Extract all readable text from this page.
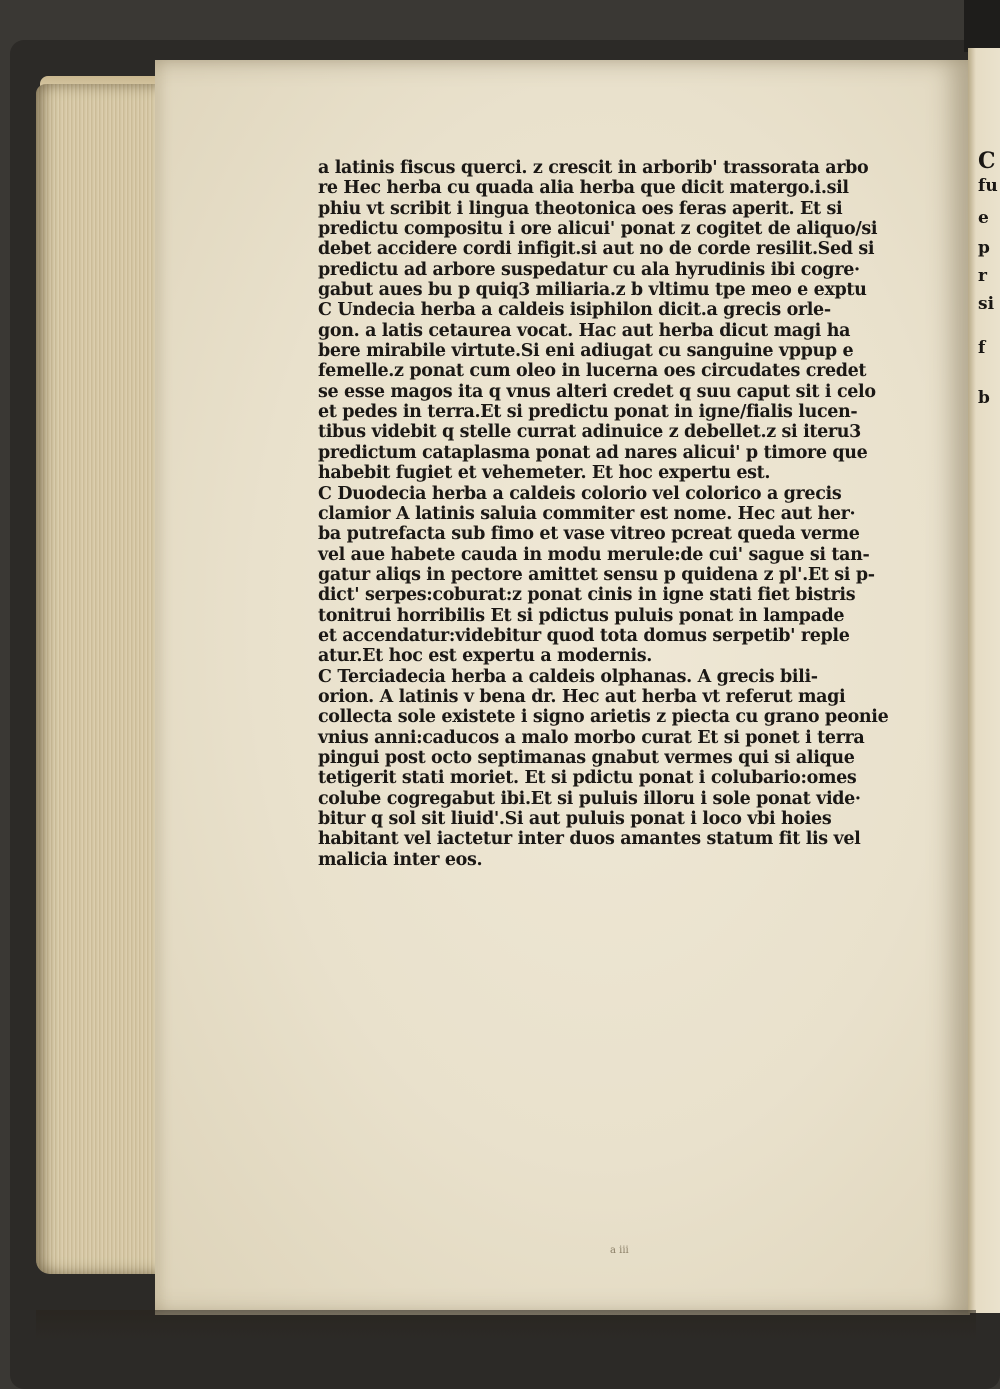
C
fu
e
p
r
si
f
b
a latinis fiscus querci. z crescit in arborib' trassorata arbo
re Hec herba cu quada alia herba que dicit matergo.i.sil
phiu vt scribit i lingua theotonica oes feras aperit. Et si
predictu compositu i ore alicui' ponat z cogitet de aliquo/si
debet accidere cordi infigit.si aut no de corde resilit.Sed si
predictu ad arbore suspedatur cu ala hyrudinis ibi cogre·
gabut aues bu p quiq3 miliaria.z b vltimu tpe meo e exptu
C Undecia herba a caldeis isiphilon dicit.a grecis orle-
gon. a latis cetaurea vocat. Hac aut herba dicut magi ha
bere mirabile virtute.Si eni adiugat cu sanguine vppup e
femelle.z ponat cum oleo in lucerna oes circudates credet
se esse magos ita q vnus alteri credet q suu caput sit i celo
et pedes in terra.Et si predictu ponat in igne/fialis lucen-
tibus videbit q stelle currat adinuice z debellet.z si iteru3
predictum cataplasma ponat ad nares alicui' p timore que
habebit fugiet et vehemeter. Et hoc expertu est.
C Duodecia herba a caldeis colorio vel colorico a grecis
clamior A latinis saluia commiter est nome. Hec aut her·
ba putrefacta sub fimo et vase vitreo pcreat queda verme
vel aue habete cauda in modu merule:de cui' sague si tan-
gatur aliqs in pectore amittet sensu p quidena z pl'.Et si p-
dict' serpes:coburat:z ponat cinis in igne stati fiet bistris
tonitrui horribilis Et si pdictus puluis ponat in lampade
et accendatur:videbitur quod tota domus serpetib' reple
atur.Et hoc est expertu a modernis.
C Terciadecia herba a caldeis olphanas. A grecis bili-
orion. A latinis v bena dr. Hec aut herba vt referut magi
collecta sole existete i signo arietis z piecta cu grano peonie
vnius anni:caducos a malo morbo curat Et si ponet i terra
pingui post octo septimanas gnabut vermes qui si alique
tetigerit stati moriet. Et si pdictu ponat i colubario:omes
colube cogregabut ibi.Et si puluis illoru i sole ponat vide·
bitur q sol sit liuid'.Si aut puluis ponat i loco vbi hoies
habitant vel iactetur inter duos amantes statum fit lis vel
malicia inter eos.
a iii
